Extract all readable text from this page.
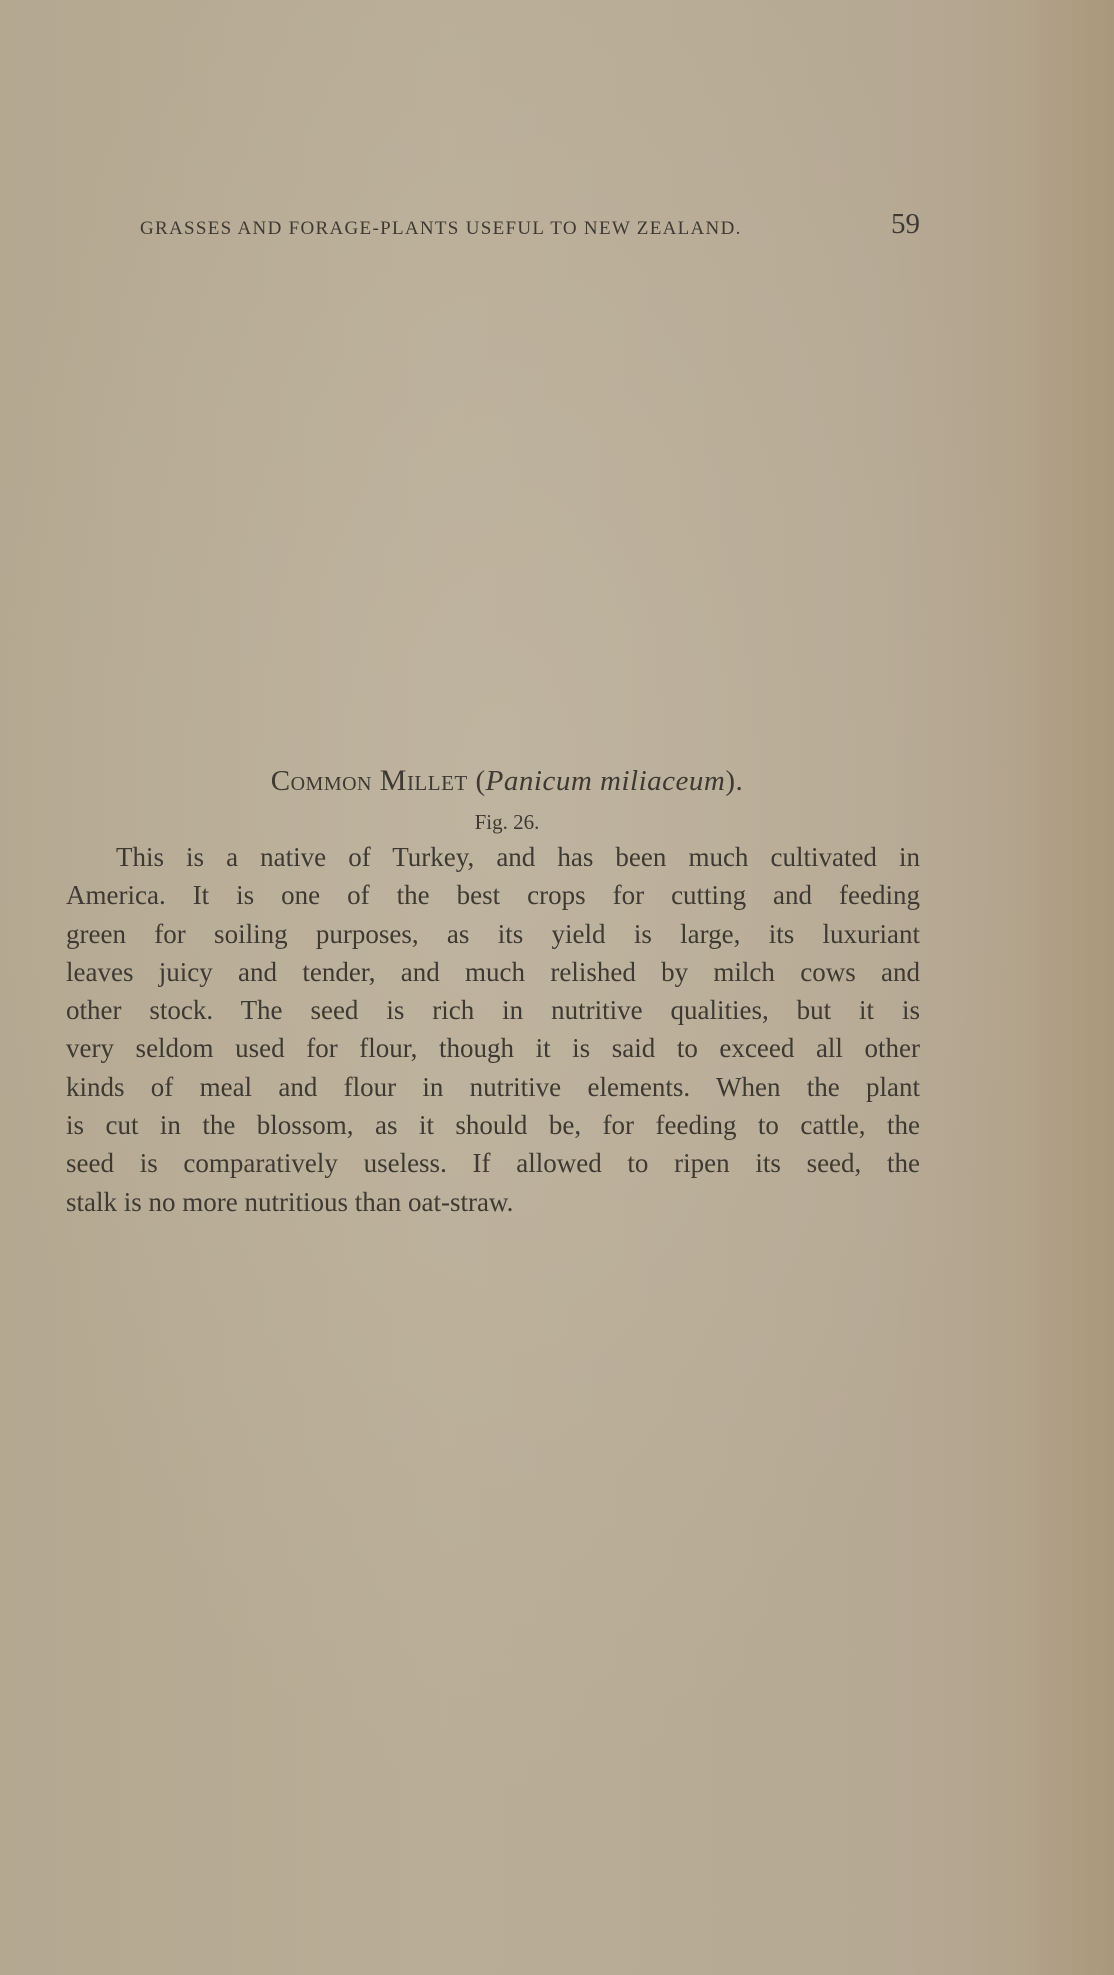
GRASSES AND FORAGE-PLANTS USEFUL TO NEW ZEALAND.	59
Common Millet (Panicum miliaceum).
Fig. 26.
This is a native of Turkey, and has been much cultivated in
America. It is one of the best crops for cutting and feeding
green for soiling purposes, as its yield is large, its luxuriant
leaves juicy and tender, and much relished by milch cows and
other stock. The seed is rich in nutritive qualities, but it is
very seldom used for flour, though it is said to exceed all other
kinds of meal and flour in nutritive elements. When the plant
is cut in the blossom, as it should be, for feeding to cattle, the
seed is comparatively useless. If allowed to ripen its seed, the
stalk is no more nutritious than oat-straw.
